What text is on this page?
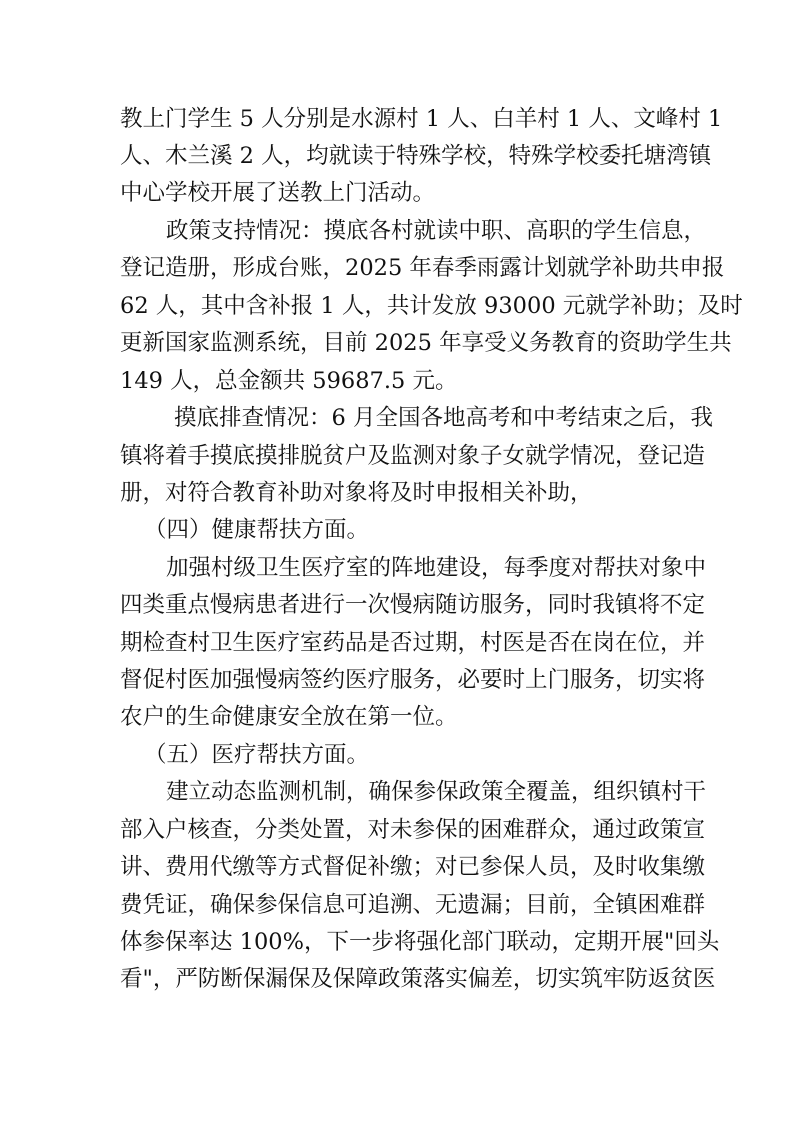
教上门学生 5 人分别是水源村 1 人、白羊村 1 人、文峰村 1
人、木兰溪 2 人，均就读于特殊学校，特殊学校委托塘湾镇
中心学校开展了送教上门活动。
政策支持情况：摸底各村就读中职、高职的学生信息，
登记造册，形成台账，2025 年春季雨露计划就学补助共申报
62 人，其中含补报 1 人，共计发放 93000 元就学补助；及时
更新国家监测系统，目前 2025 年享受义务教育的资助学生共
149 人，总金额共 59687.5 元。
摸底排查情况：6 月全国各地高考和中考结束之后，我
镇将着手摸底摸排脱贫户及监测对象子女就学情况，登记造
册，对符合教育补助对象将及时申报相关补助，
（四）健康帮扶方面。
加强村级卫生医疗室的阵地建设，每季度对帮扶对象中
四类重点慢病患者进行一次慢病随访服务，同时我镇将不定
期检查村卫生医疗室药品是否过期，村医是否在岗在位，并
督促村医加强慢病签约医疗服务，必要时上门服务，切实将
农户的生命健康安全放在第一位。
（五）医疗帮扶方面。
建立动态监测机制，确保参保政策全覆盖，组织镇村干
部入户核查，分类处置，对未参保的困难群众，通过政策宣
讲、费用代缴等方式督促补缴；对已参保人员，及时收集缴
费凭证，确保参保信息可追溯、无遗漏；目前，全镇困难群
体参保率达 100%，下一步将强化部门联动，定期开展"回头
看"，严防断保漏保及保障政策落实偏差，切实筑牢防返贫医
